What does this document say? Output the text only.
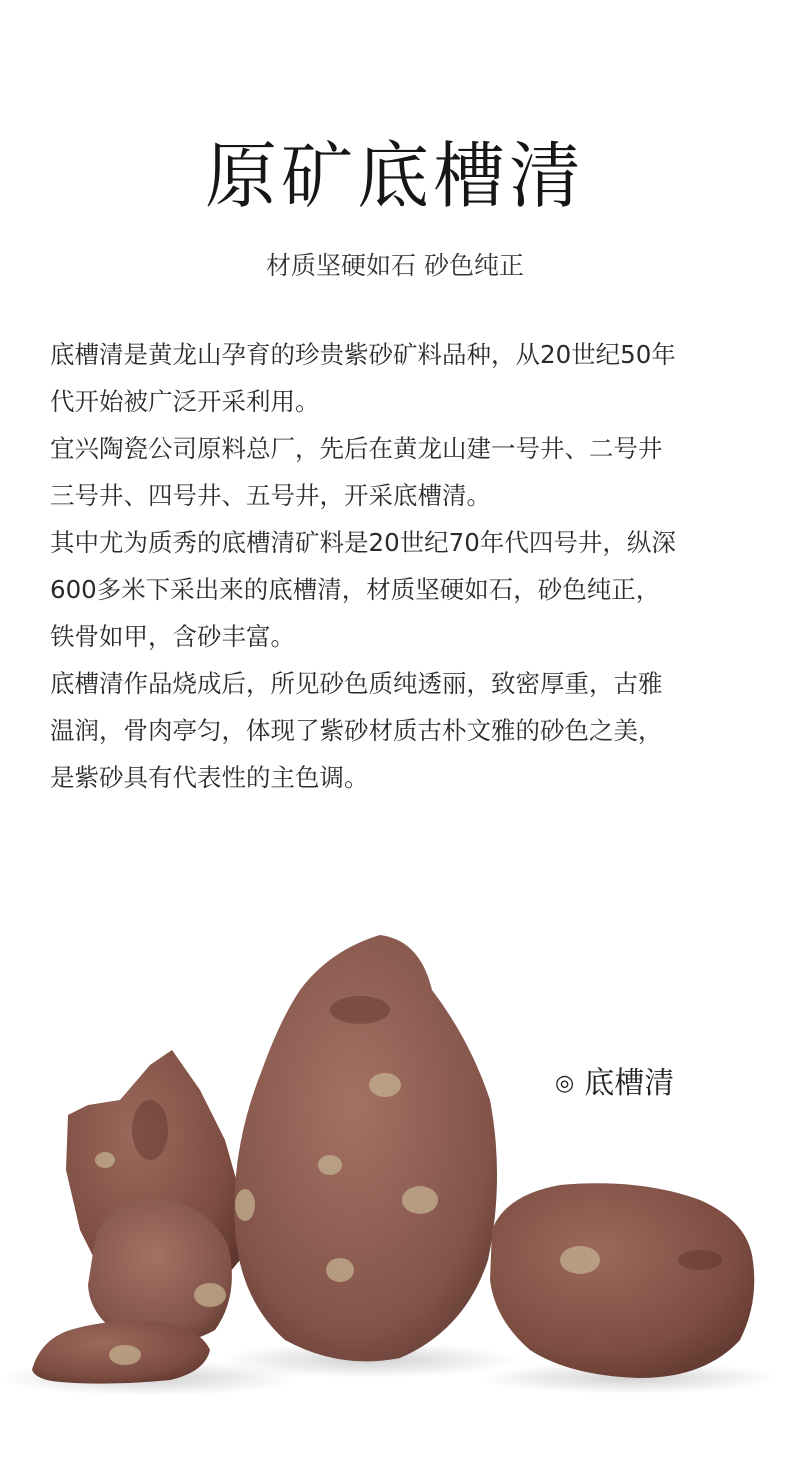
原矿底槽清
材质坚硬如石 砂色纯正

底槽清是黄龙山孕育的珍贵紫砂矿料品种，从20世纪50年

代开始被广泛开采利用。

宜兴陶瓷公司原料总厂，先后在黄龙山建一号井、二号井

三号井、四号井、五号井，开采底槽清。

其中尤为质秀的底槽清矿料是20世纪70年代四号井，纵深

600多米下采出来的底槽清，材质坚硬如石，砂色纯正，

铁骨如甲，含砂丰富。

底槽清作品烧成后，所见砂色质纯透丽，致密厚重，古雅

温润，骨肉亭匀，体现了紫砂材质古朴文雅的砂色之美，

是紫砂具有代表性的主色调。

◎ 底槽清
